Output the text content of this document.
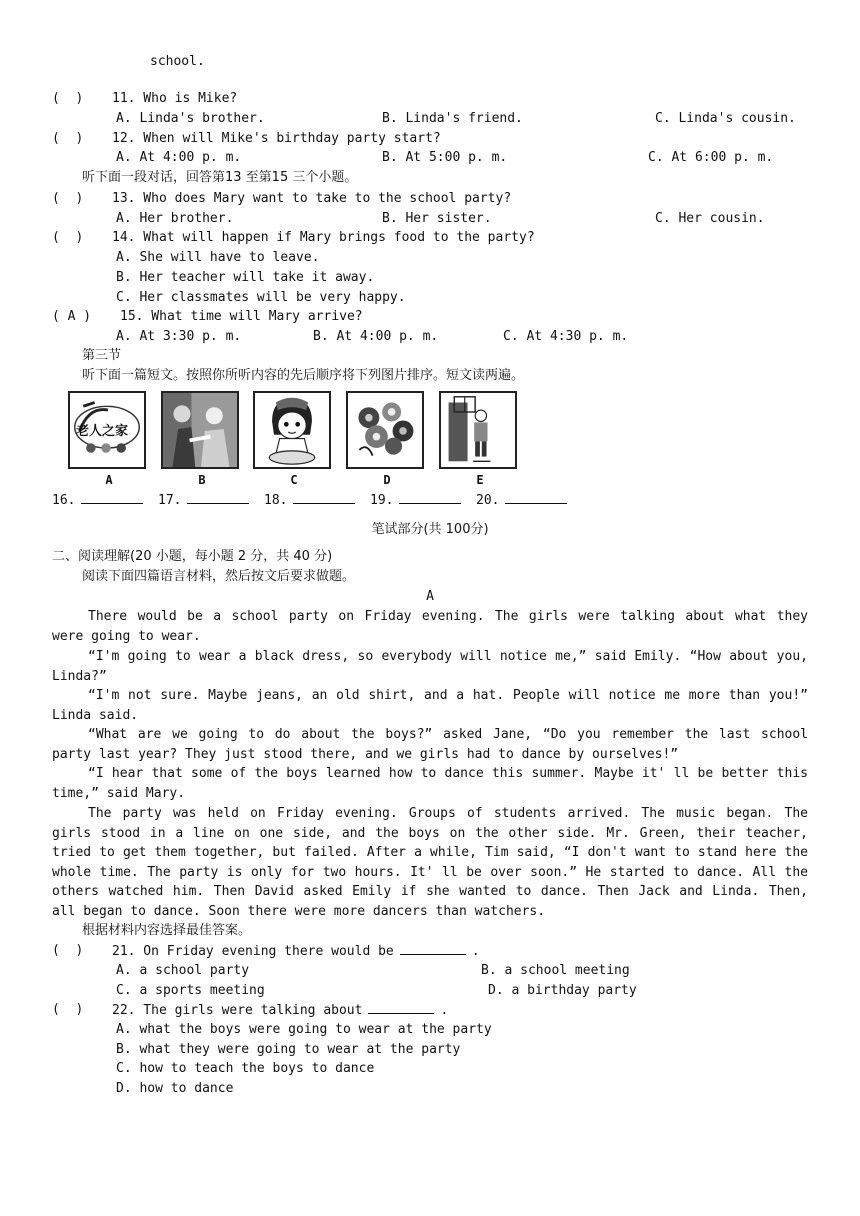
school.
(  ) 11. Who is Mike?
A. Linda's brother.	B. Linda's friend.	C. Linda's cousin.
(  ) 12. When will Mike's birthday party start?
A. At 4:00 p. m.	B. At 5:00 p. m.	C. At 6:00 p. m.
听下面一段对话，回答第13 至第15 三个小题。
(  ) 13. Who does Mary want to take to the school party?
A. Her brother.	B. Her sister.	C. Her cousin.
(  ) 14. What will happen if Mary brings food to the party?
A. She will have to leave.
B. Her teacher will take it away.
C. Her classmates will be very happy.
( A ) 15. What time will Mary arrive?
A. At 3:30 p. m.	B. At 4:00 p. m.	C. At 4:30 p. m.
第三节
听下面一篇短文。按照你所听内容的先后顺序将下列图片排序。短文读两遍。
老人之家
A	B	C	D	E
16.	17.	18.	19.	20.
笔试部分(共 100分)
二、阅读理解(20 小题，每小题 2 分，共 40 分)
阅读下面四篇语言材料，然后按文后要求做题。
A
There would be a school party on Friday evening. The girls were talking about what they were going to wear.
“I'm going to wear a black dress, so everybody will notice me,” said Emily. “How about you, Linda?”
“I'm not sure. Maybe jeans, an old shirt, and a hat. People will notice me more than you!” Linda said.
“What are we going to do about the boys?” asked Jane, “Do you remember the last school party last year? They just stood there, and we girls had to dance by ourselves!”
“I hear that some of the boys learned how to dance this summer. Maybe it' ll be better this time,” said Mary.
The party was held on Friday evening. Groups of students arrived. The music began. The girls stood in a line on one side, and the boys on the other side. Mr. Green, their teacher, tried to get them together, but failed. After a while, Tim said, “I don't want to stand here the whole time. The party is only for two hours. It' ll be over soon.” He started to dance. All the others watched him. Then David asked Emily if she wanted to dance. Then Jack and Linda. Then, all began to dance. Soon there were more dancers than watchers.
根据材料内容选择最佳答案。
(  ) 21. On Friday evening there would be	.
A. a school party	B. a school meeting
C. a sports meeting	D. a birthday party
(  ) 22. The girls were talking about	.
A. what the boys were going to wear at the party
B. what they were going to wear at the party
C. how to teach the boys to dance
D. how to dance
